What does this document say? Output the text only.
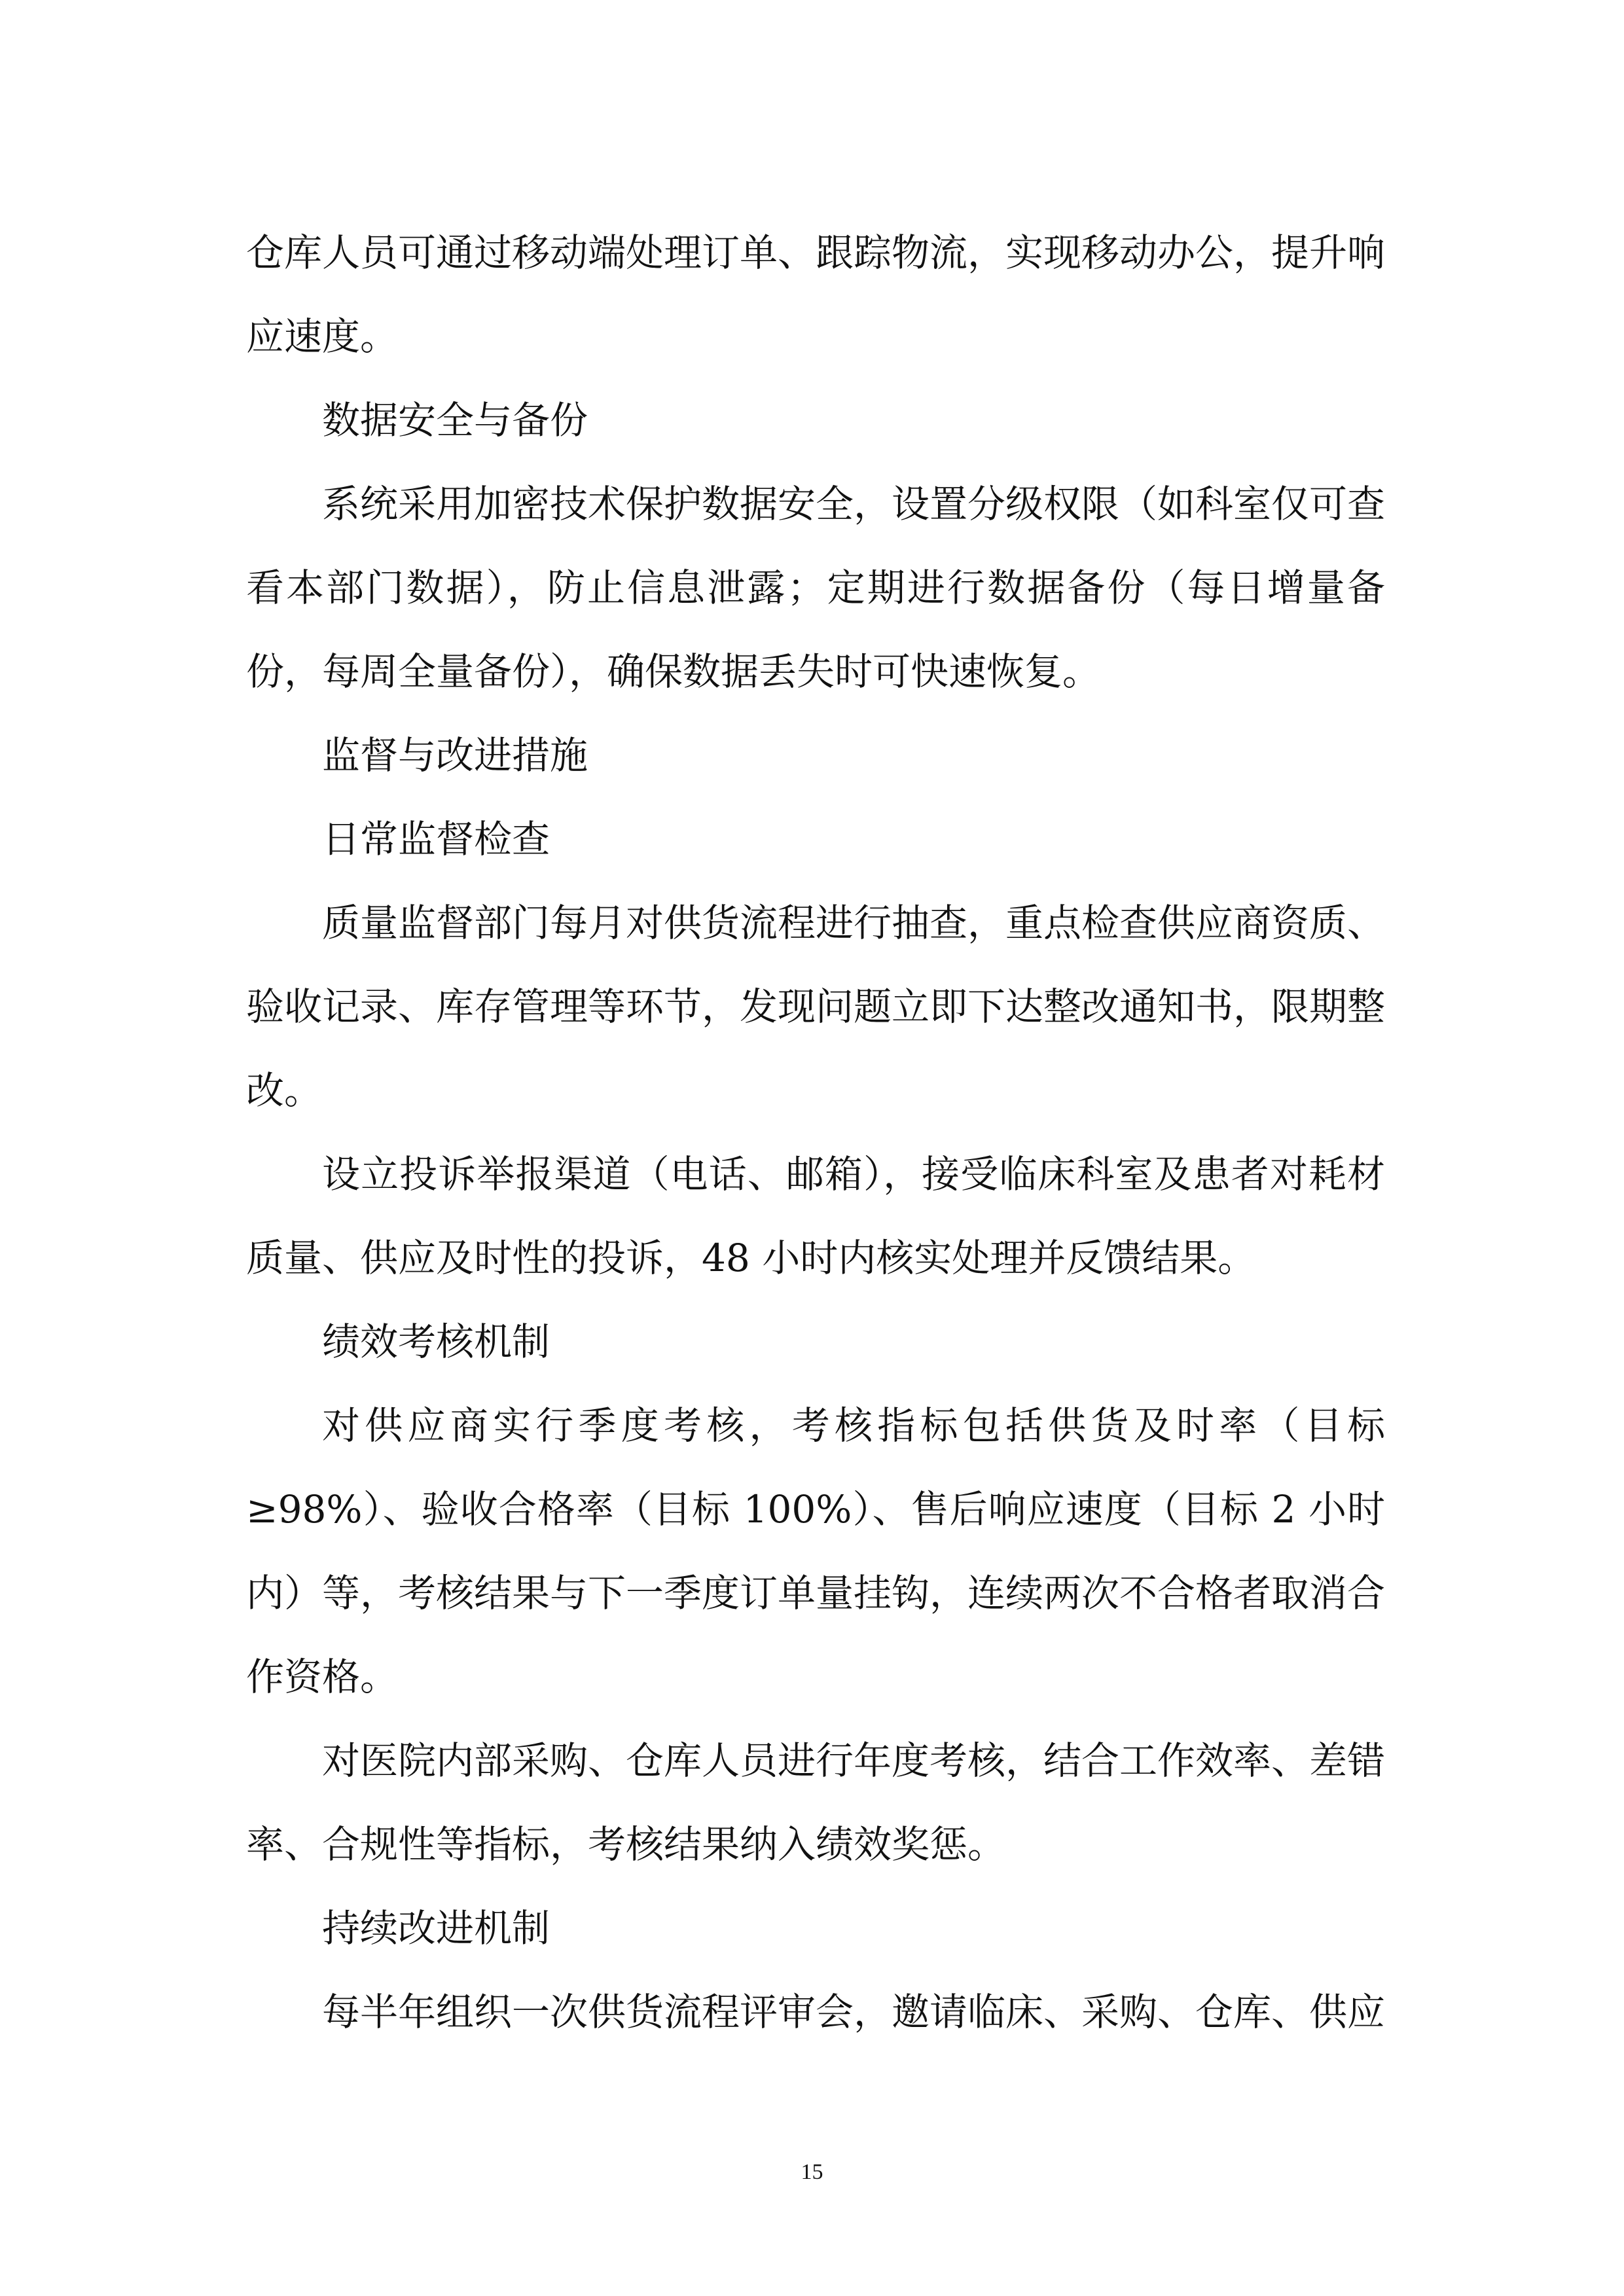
仓库人员可通过移动端处理订单、跟踪物流，实现移动办公，提升响应速度。

数据安全与备份

系统采用加密技术保护数据安全，设置分级权限（如科室仅可查看本部门数据），防止信息泄露；定期进行数据备份（每日增量备份，每周全量备份），确保数据丢失时可快速恢复。

监督与改进措施

日常监督检查

质量监督部门每月对供货流程进行抽查，重点检查供应商资质、验收记录、库存管理等环节，发现问题立即下达整改通知书，限期整改。

设立投诉举报渠道（电话、邮箱），接受临床科室及患者对耗材质量、供应及时性的投诉，48 小时内核实处理并反馈结果。

绩效考核机制

对供应商实行季度考核，考核指标包括供货及时率（目标≥98%）、验收合格率（目标 100%）、售后响应速度（目标 2 小时内）等，考核结果与下一季度订单量挂钩，连续两次不合格者取消合作资格。

对医院内部采购、仓库人员进行年度考核，结合工作效率、差错率、合规性等指标，考核结果纳入绩效奖惩。

持续改进机制

每半年组织一次供货流程评审会，邀请临床、采购、仓库、供应

15
